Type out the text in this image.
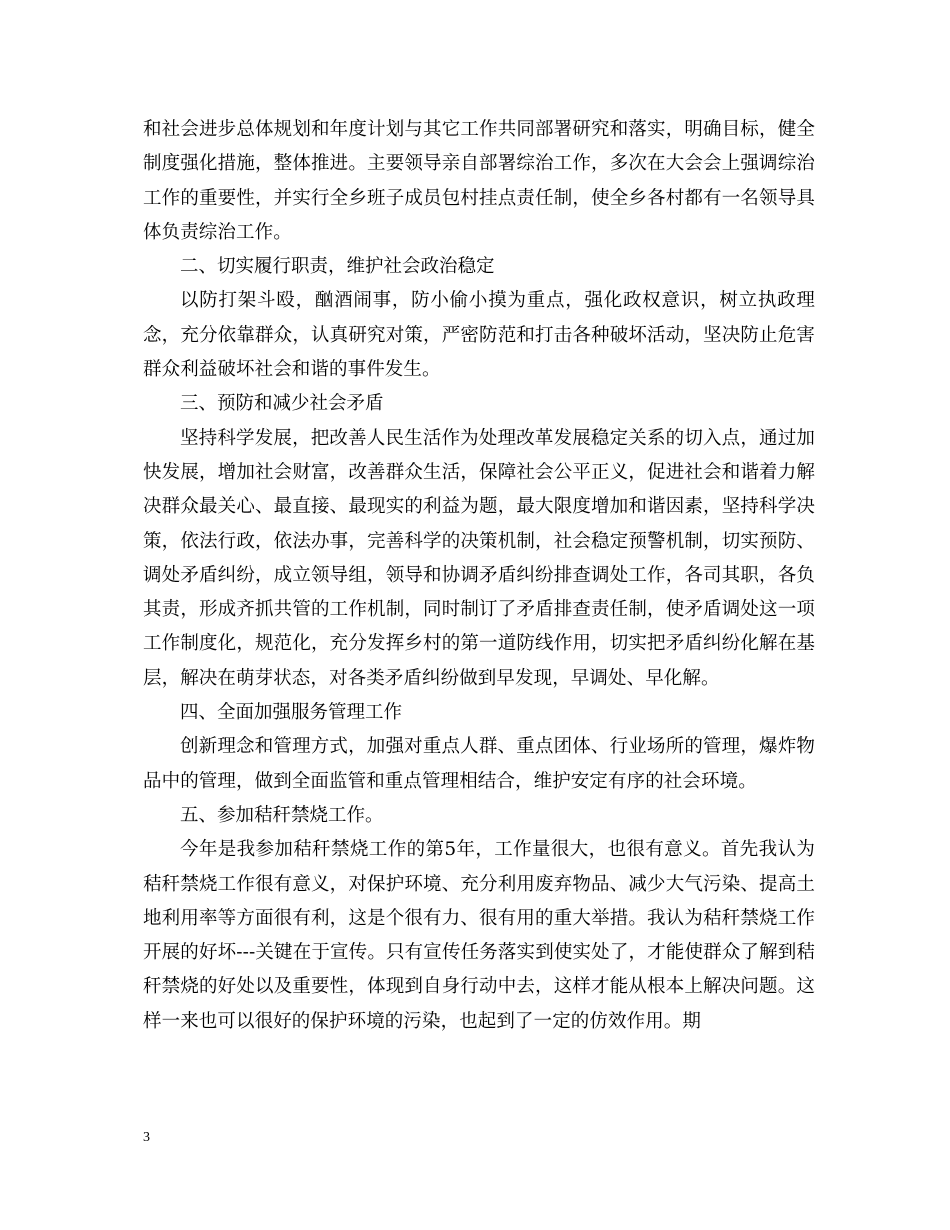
和社会进步总体规划和年度计划与其它工作共同部署研究和落实，明确目标，健全制度强化措施，整体推进。主要领导亲自部署综治工作，多次在大会会上强调综治工作的重要性，并实行全乡班子成员包村挂点责任制，使全乡各村都有一名领导具体负责综治工作。

二、切实履行职责，维护社会政治稳定

以防打架斗殴，酗酒闹事，防小偷小摸为重点，强化政权意识，树立执政理念，充分依靠群众，认真研究对策，严密防范和打击各种破坏活动，坚决防止危害群众利益破坏社会和谐的事件发生。

三、预防和减少社会矛盾

坚持科学发展，把改善人民生活作为处理改革发展稳定关系的切入点，通过加快发展，增加社会财富，改善群众生活，保障社会公平正义，促进社会和谐着力解决群众最关心、最直接、最现实的利益为题，最大限度增加和谐因素，坚持科学决策，依法行政，依法办事，完善科学的决策机制，社会稳定预警机制，切实预防、调处矛盾纠纷，成立领导组，领导和协调矛盾纠纷排查调处工作，各司其职，各负其责，形成齐抓共管的工作机制，同时制订了矛盾排查责任制，使矛盾调处这一项工作制度化，规范化，充分发挥乡村的第一道防线作用，切实把矛盾纠纷化解在基层，解决在萌芽状态，对各类矛盾纠纷做到早发现，早调处、早化解。

四、全面加强服务管理工作

创新理念和管理方式，加强对重点人群、重点团体、行业场所的管理，爆炸物品中的管理，做到全面监管和重点管理相结合，维护安定有序的社会环境。

五、参加秸秆禁烧工作。

今年是我参加秸秆禁烧工作的第5年，工作量很大，也很有意义。首先我认为秸秆禁烧工作很有意义，对保护环境、充分利用废弃物品、减少大气污染、提高土地利用率等方面很有利，这是个很有力、很有用的重大举措。我认为秸秆禁烧工作开展的好坏---关键在于宣传。只有宣传任务落实到使实处了，才能使群众了解到秸秆禁烧的好处以及重要性，体现到自身行动中去，这样才能从根本上解决问题。这样一来也可以很好的保护环境的污染，也起到了一定的仿效作用。期

3
